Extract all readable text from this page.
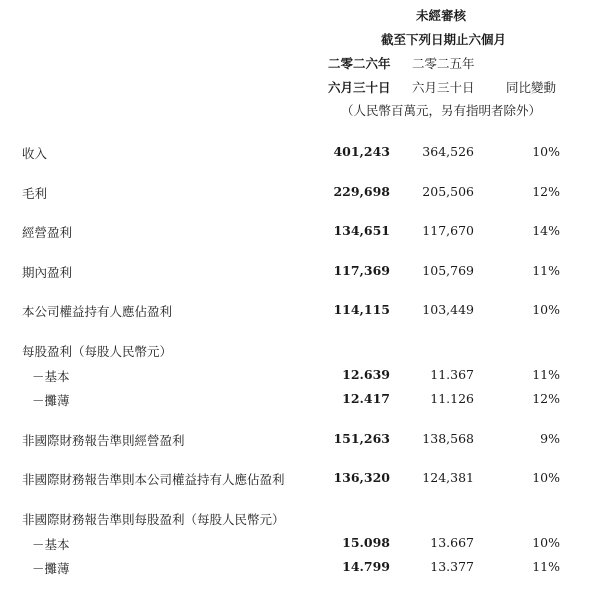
未經審核
截至下列日期止六個月
二零二六年 二零二五年
六月三十日 六月三十日	同比變動
（人民幣百萬元，另有指明者除外）
收入	401,243	364,526	10%
毛利	229,698	205,506	12%
經營盈利	134,651	117,670	14%
期內盈利	117,369	105,769	11%
本公司權益持有人應佔盈利	114,115	103,449	10%
每股盈利（每股人民幣元）
－基本	12.639	11.367	11%
－攤薄	12.417	11.126	12%
非國際財務報告準則經營盈利	151,263	138,568	9%
非國際財務報告準則本公司權益持有人應佔盈利	136,320	124,381	10%
非國際財務報告準則每股盈利（每股人民幣元）
－基本	15.098	13.667	10%
－攤薄	14.799	13.377	11%
